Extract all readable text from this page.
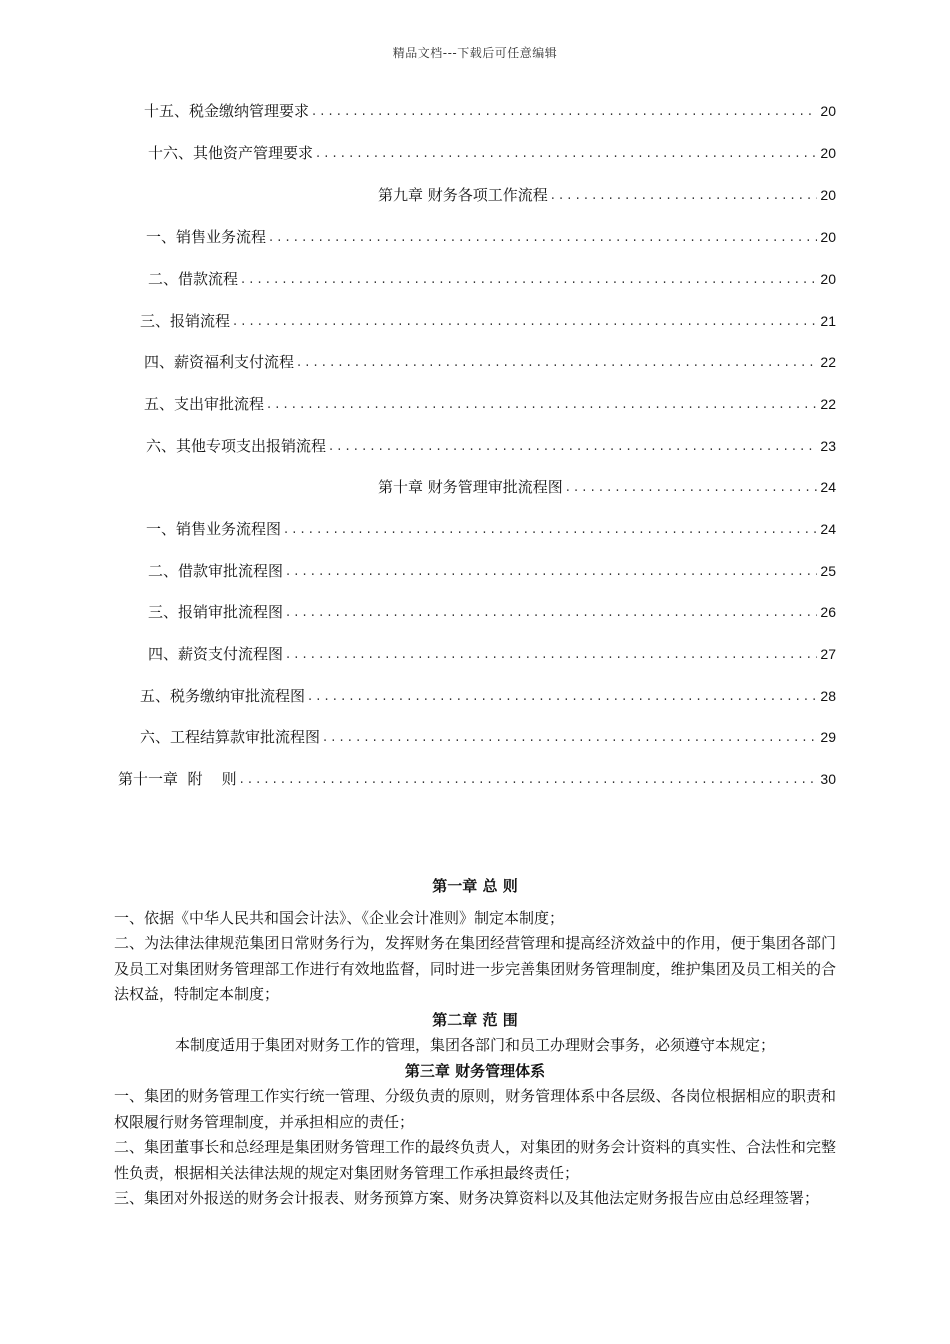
精品文档---下载后可任意编辑
十五、税金缴纳管理要求 . . .	20
十六、其他资产管理要求 . . .	20
第九章 财务各项工作流程 . . .	20
一、销售业务流程 . . .	20
二、借款流程 . . .	20
三、报销流程 . . .	21
四、薪资福利支付流程 . . .	22
五、支出审批流程 . . .	22
六、其他专项支出报销流程 . . .	23
第十章 财务管理审批流程图 . . .	24
一、销售业务流程图 . . .	24
二、借款审批流程图 . . .	25
三、报销审批流程图 . . .	26
四、薪资支付流程图 . . .	27
五、税务缴纳审批流程图 . . .	28
六、工程结算款审批流程图 . . .	29
第十一章  附    则 . . .	30
第一章 总 则
一、依据《中华人民共和国会计法》、《企业会计准则》制定本制度；
二、为法律法律规范集团日常财务行为，发挥财务在集团经营管理和提高经济效益中的作用，便于集团各部门及员工对集团财务管理部工作进行有效地监督，同时进一步完善集团财务管理制度，维护集团及员工相关的合法权益，特制定本制度；
第二章 范 围
本制度适用于集团对财务工作的管理，集团各部门和员工办理财会事务，必须遵守本规定；
第三章 财务管理体系
一、集团的财务管理工作实行统一管理、分级负责的原则，财务管理体系中各层级、各岗位根据相应的职责和权限履行财务管理制度，并承担相应的责任；
二、集团董事长和总经理是集团财务管理工作的最终负责人，对集团的财务会计资料的真实性、合法性和完整性负责，根据相关法律法规的规定对集团财务管理工作承担最终责任；
三、集团对外报送的财务会计报表、财务预算方案、财务决算资料以及其他法定财务报告应由总经理签署；
